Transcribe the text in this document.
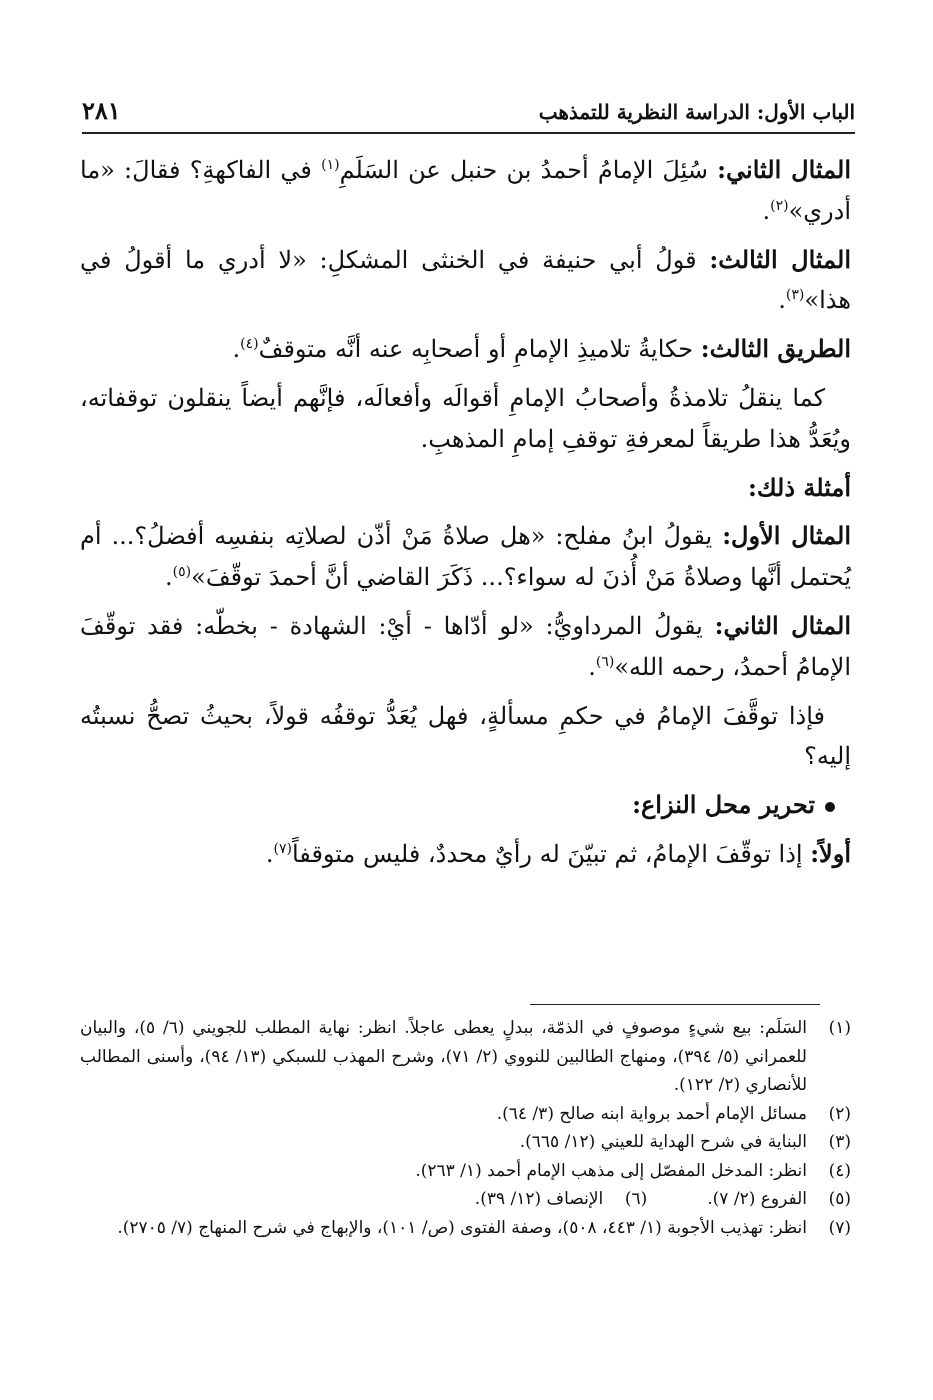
الباب الأول: الدراسة النظرية للتمذهب
٢٨١

المثال الثاني: سُئِلَ الإمامُ أحمدُ بن حنبل عن السَلَمِ$^{(١)}$ في الفاكهةِ؟ فقالَ: «ما أدري»$^{(٢)}$.

المثال الثالث: قولُ أبي حنيفة في الخنثى المشكلِ: «لا أدري ما أقولُ في هذا»$^{(٣)}$.

الطريق الثالث: حكايةُ تلاميذِ الإمامِ أو أصحابِه عنه أنَّه متوقفٌ$^{(٤)}$.

كما ينقلُ تلامذةُ وأصحابُ الإمامِ أقوالَه وأفعالَه، فإنَّهم أيضاً ينقلون توقفاته، ويُعَدُّ هذا طريقاً لمعرفةِ توقفِ إمامِ المذهبِ.

أمثلة ذلك:

المثال الأول: يقولُ ابنُ مفلح: «هل صلاةُ مَنْ أذّن لصلاتِه بنفسِه أفضلُ؟... أم يُحتمل أنَّها وصلاةُ مَنْ أُذنَ له سواء؟... ذَكَرَ القاضي أنَّ أحمدَ توقّفَ»$^{(٥)}$.

المثال الثاني: يقولُ المرداويُّ: «لو أدّاها - أيْ: الشهادة - بخطّه: فقد توقّفَ الإمامُ أحمدُ، رحمه الله»$^{(٦)}$.

فإذا توقَّفَ الإمامُ في حكمِ مسألةٍ، فهل يُعَدُّ توقفُه قولاً، بحيثُ تصحُّ نسبتُه إليه؟

تحرير محل النزاع:

أولاً: إذا توقّفَ الإمامُ، ثم تبيّنَ له رأيٌ محددٌ، فليس متوقفاً$^{(٧)}$.

(١)
السَلَم: بيع شيءٍ موصوفٍ في الذمّة، ببدلٍ يعطى عاجلاً. انظر: نهاية المطلب للجويني (٦/ ٥)، والبيان للعمراني (٥/ ٣٩٤)، ومنهاج الطالبين للنووي (٢/ ٧١)، وشرح المهذب للسبكي (١٣/ ٩٤)، وأسنى المطالب للأنصاري (٢/ ١٢٢).
(٢)
مسائل الإمام أحمد برواية ابنه صالح (٣/ ٦٤).
(٣)
البناية في شرح الهداية للعيني (١٢/ ٦٦٥).
(٤)
انظر: المدخل المفصّل إلى مذهب الإمام أحمد (١/ ٢٦٣).
(٥)
الفروع (٢/ ٧).
(٦)
الإنصاف (١٢/ ٣٩).
(٧)
انظر: تهذيب الأجوبة (١/ ٤٤٣، ٥٠٨)، وصفة الفتوى (ص/ ١٠١)، والإبهاج في شرح المنهاج (٧/ ٢٧٠٥).
